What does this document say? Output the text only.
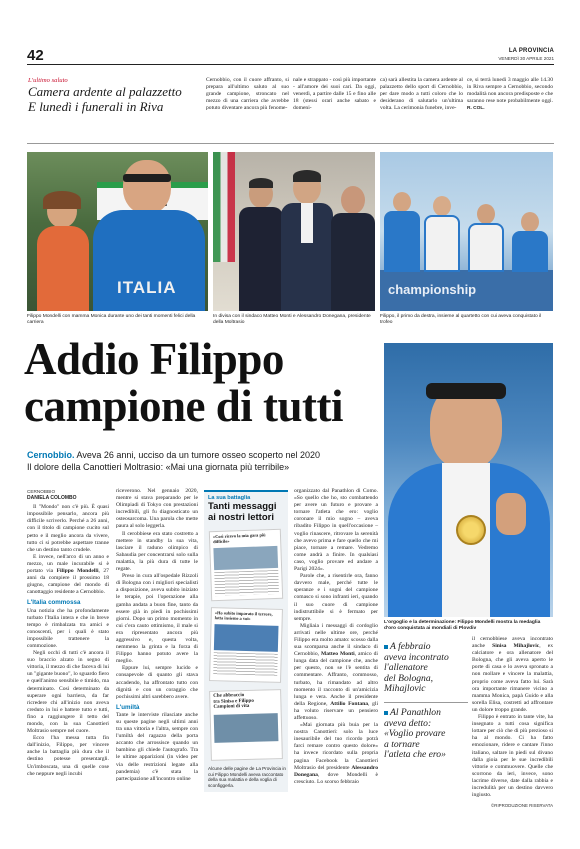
42	LA PROVINCIA
VENERDÌ 30 APRILE 2021
L'ultimo saluto
Camera ardente al palazzetto
E lunedì i funerali in Riva
Cernobbio, con il cuore affranto, si prepara all'ultimo saluto al suo grande campione, stroncato nel mezzo di una carriera che avrebbe potuto diventare ancora più fenome-
nale e strappato - così più importante - all'amore dei suoi cari. Da oggi, venerdì, a partire dalle 15 e fino alle 18 (stessi orari anche sabato e domeni-
ca) sarà allestita la camera ardente al palazzetto dello sport di Cernobbio, per dare modo a tutti coloro che lo desiderano di salutarlo un'ultima volta. La cerimonia funebre, inve-
ce, si terrà lunedì 3 maggio alle 14.30 in Riva sempre a Cernobbio, secondo modalità non ancora predisposte e che saranno rese note probabilmente oggi. R. COL.
ITALIA
Filippo Mondelli con mamma Monica durante uno dei tanti momenti felici della carriera
In divisa con il sindaco Matteo Monti e Alessandro Donegana, presidente della Moltrasio
championship
Filippo, il primo da destra, insieme al quartetto con cui aveva conquistato il trofeo
Addio Filippo
campione di tutti
Cernobbio. Aveva 26 anni, ucciso da un tumore osseo scoperto nel 2020
Il dolore della Canottieri Moltrasio: «Mai una giornata più terribile»
L'orgoglio e la determinazione: Filippo Mondelli mostra la medaglia d'oro conquistata ai mondiali di Plovdiv
CERNOBBIO
DANIELA COLOMBO

Il "Mondo" non c'è più. È quasi impossibile pensarlo, ancora più difficile scriverlo. Perché a 26 anni, con il titolo di campione cucito sul petto e il meglio ancora da vivere, tutto ci si potrebbe aspettare tranne che un destino tanto crudele.

E invece, nell'arco di un anno e mezzo, un male incurabile si è portato via Filippo Mondelli, 27 anni da compiere il prossimo 18 giugno, campione del mondo di canottaggio residente a Cernobbio.

L'Italia commossa

Una notizia che ha profondamente turbato l'Italia intera e che in breve tempo è rimbalzata tra amici e conoscenti, per i quali è stato impossibile trattenere la commozione.

Negli occhi di tutti c'è ancora il suo braccio alzato in segno di vittoria, il mezzo di che faceva di lui un "gigante buono", lo sguardo fiero e quell'animo sensibile e timido, ma determinato. Così determinato da superare ogni barriera, da far ricredere chi all'inizio non aveva creduto in lui e battere tutto e tutti, fino a raggiungere il tetto del mondo, con la sua Canottieri Moltrasio sempre nel cuore.

Ecco l'ha messa tutta fin dall'inizio, Filippo, per vincere anche la battaglia più dura che il destino potesse presentargli. Un'imboscata, una di quelle cose che neppure negli incubi

riceverono. Nel gennaio 2020, mentre si stava preparando per le Olimpiadi di Tokyo con prestazioni incredibili, gli fu diagnosticato un osteosarcoma. Una parola che mette paura al solo leggerla.

Il cerobbiese era stato costretto a mettere in standby la sua vita, lasciare il raduno olimpico di Sabaudia per concentrarsi solo sulla malattia, la più dura di tutte le regate.

Preso in cura all'ospedale Rizzoli di Bologna con i migliori specialisti a disposizione, aveva subito iniziato le terapie, poi l'operazione alla gamba andata a buon fine, tanto da essere già in piedi in pochissimi giorni. Dopo un primo momento in cui c'era cauto ottimismo, il male si era ripresentato ancora più aggressivo e, questa volta, nemmeno la grinta e la forza di Filippo hanno potuto avere la meglio.

Eppure lui, sempre lucido e consapevole di quanto gli stava accadendo, ha affrontato tutto con dignità e con un coraggio che pochissimi altri sarebbero avere.

L'umiltà

Tante le interviste rilasciate anche su queste pagine negli ultimi anni tra una vittoria e l'altra, sempre con l'umiltà del ragazzo della porta accanto che arrossisce quando un bambino gli chiede l'autografo. Tra le ultime apparizioni (in video per via delle restrizioni legate alla pandemia) c'è stata la partecipazione all'incontro online

La sua battaglia
Tanti messaggi
ai nostri lettori
«Così ricevo la mia gara più difficile»
«Ho subito imparato il terrore, lotta insieme a voi»
Che abbraccio
tra Sinisa e Filippo
Campioni di vita
Alcune delle pagine de La Provincia in cui Filippo Mondelli aveva raccontato della sua malattia e della voglia di sconfiggerla.

organizzato dal Panathlon di Como. «So quello che ho, sto combattendo per avere un futuro e provare a tornare l'atleta che ero: voglio coronare il mio sogno – aveva ribadito Filippo in quell'occasione – voglio rinascere, ritrovare la serenità che avevo prima e fare quello che mi piace, tornare a remare. Vedremo come andrà a finire. In qualsiasi caso, voglio provare ed andare a Parigi 2024».

Parole che, a risentirle ora, fanno davvero male, perché tutte le speranze e i sogni del campione comasco si sono infranti ieri, quando il suo cuore di campione indistruttibile si è fermato per sempre.

Migliaia i messaggi di cordoglio arrivati nelle ultime ore, perché Filippo era molto amato: scosso dalla sua scomparsa anche il sindaco di Cernobbio, Matteo Monti, amico di lunga data del campione che, anche per questo, non se l'è sentita di commentare. Affranto, commosso, turbato, ha rimandato ad altro momento il racconto di un'amicizia lunga e vera. Anche il presidente della Regione, Attilio Fontana, gli ha voluto riservare un pensiero affettuoso.

«Mai giornata più buia per la nostra Canottieri: solo la luce inesauribile del tuo ricordo potrà farci remare contro questo dolore» ha invece ricordato sulla propria pagina Facebook la Canottieri Moltrasio del presidente Alessandro Donegana, dove Mondelli è cresciuto. Lo scorso febbraio

A febbraio
aveva incontrato
l'allenatore
del Bologna,
Mihajlovic
Al Panathlon
aveva detto:
«Voglio provare
a tornare
l'atleta che ero»

il cernobbiese aveva incontrato anche Sinisa Mihajlovic, ex calciatore e ora allenatore del Bologna, che gli aveva aperto le porte di casa e lo aveva spronato a non mollare e vincere la malattia, proprio come aveva fatto lui. Sarà ora importante rimanere vicino a mamma Monica, papà Guido e alla sorella Elisa, costretti ad affrontare un dolore troppo grande.

Filippo è entrato in tante vite, ha insegnato a tutti cosa significa lottare per ciò che di più prezioso si ha al mondo. Ci ha fatto emozionare, ridere e cantare l'inno italiano, saltare in piedi sul divano dalla gioia per le sue incredibili vittorie e commuovere. Quelle che scorrono da ieri, invece, sono lacrime diverse, date dalla rabbia e incredulità per un destino davvero ingiusto.

©RIPRODUZIONE RISERVATA
